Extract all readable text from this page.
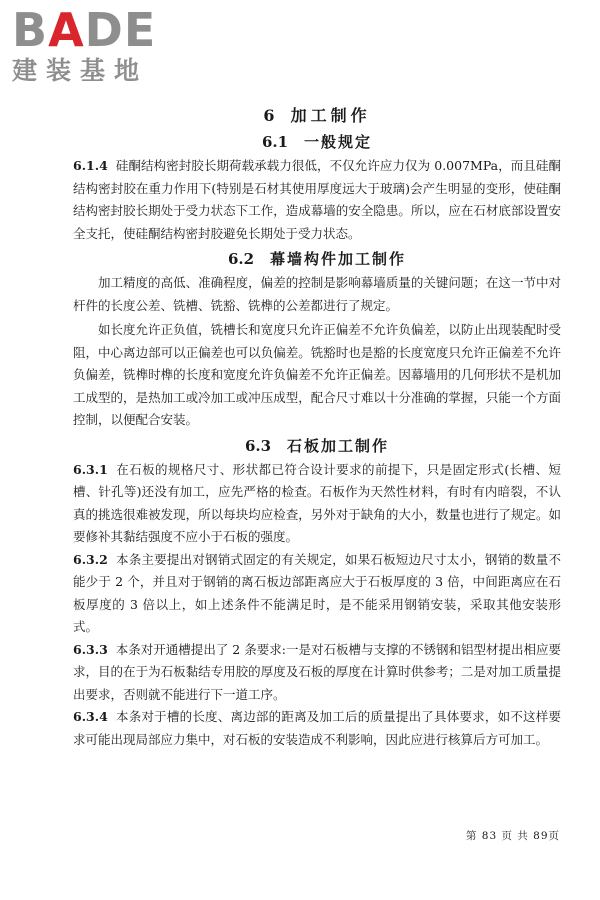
B A DE
建装基地
6 加工制作
6.1 一般规定

6.1.4 硅酮结构密封胶长期荷载承载力很低，不仅允许应力仅为 0.007MPa，而且硅酮结构密封胶在重力作用下(特别是石材其使用厚度远大于玻璃)会产生明显的变形，使硅酮结构密封胶长期处于受力状态下工作，造成幕墙的安全隐患。所以，应在石材底部设置安全支托，使硅酮结构密封胶避免长期处于受力状态。

6.2 幕墙构件加工制作

加工精度的高低、准确程度，偏差的控制是影响幕墙质量的关键问题；在这一节中对杆件的长度公差、铣槽、铣豁、铣榫的公差都进行了规定。

如长度允许正负值，铣槽长和宽度只允许正偏差不允许负偏差，以防止出现装配时受阻，中心离边部可以正偏差也可以负偏差。铣豁时也是豁的长度宽度只允许正偏差不允许负偏差，铣榫时榫的长度和宽度允许负偏差不允许正偏差。因幕墙用的几何形状不是机加工成型的，是热加工或冷加工或冲压成型，配合尺寸难以十分准确的掌握，只能一个方面控制，以便配合安装。

6.3 石板加工制作

6.3.1 在石板的规格尺寸、形状都已符合设计要求的前提下，只是固定形式(长槽、短槽、针孔等)还没有加工，应先严格的检查。石板作为天然性材料，有时有内暗裂，不认真的挑选很难被发现，所以每块均应检查，另外对于缺角的大小，数量也进行了规定。如要修补其黏结强度不应小于石板的强度。

6.3.2 本条主要提出对钢销式固定的有关规定，如果石板短边尺寸太小，钢销的数量不能少于 2 个，并且对于钢销的离石板边部距离应大于石板厚度的 3 倍，中间距离应在石板厚度的 3 倍以上，如上述条件不能满足时，是不能采用钢销安装，采取其他安装形式。

6.3.3 本条对开通槽提出了 2 条要求:一是对石板槽与支撑的不锈钢和铝型材提出相应要求，目的在于为石板黏结专用胶的厚度及石板的厚度在计算时供参考；二是对加工质量提出要求，否则就不能进行下一道工序。

6.3.4 本条对于槽的长度、离边部的距离及加工后的质量提出了具体要求，如不这样要求可能出现局部应力集中，对石板的安装造成不利影响，因此应进行核算后方可加工。

第 83 页 共 89页
